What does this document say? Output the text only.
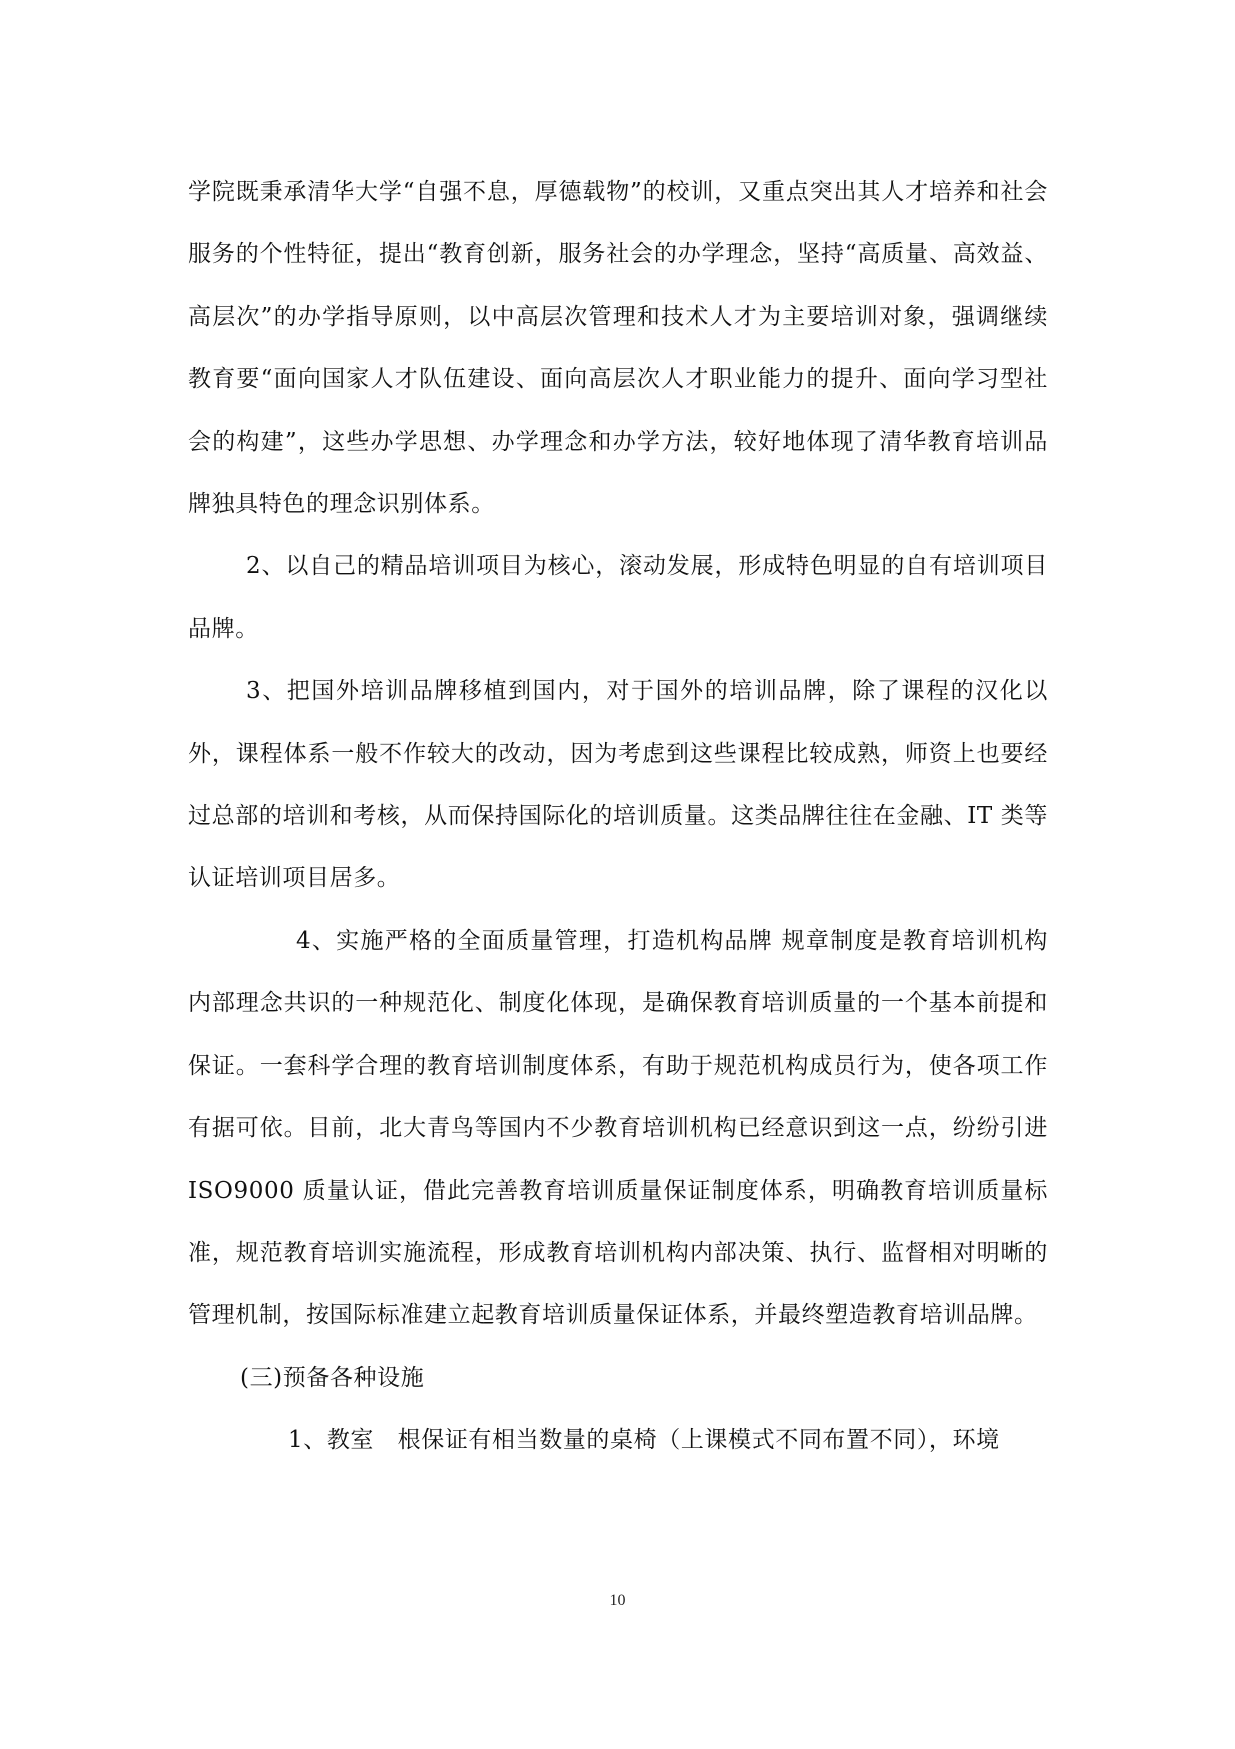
学院既秉承清华大学“自强不息，厚德载物”的校训，又重点突出其人才培养和社会服务的个性特征，提出“教育创新，服务社会的办学理念，坚持“高质量、高效益、高层次”的办学指导原则，以中高层次管理和技术人才为主要培训对象，强调继续教育要“面向国家人才队伍建设、面向高层次人才职业能力的提升、面向学习型社会的构建”，这些办学思想、办学理念和办学方法，较好地体现了清华教育培训品牌独具特色的理念识别体系。

2、以自己的精品培训项目为核心，滚动发展，形成特色明显的自有培训项目品牌。

3、把国外培训品牌移植到国内，对于国外的培训品牌，除了课程的汉化以外，课程体系一般不作较大的改动，因为考虑到这些课程比较成熟，师资上也要经过总部的培训和考核，从而保持国际化的培训质量。这类品牌往往在金融、IT 类等认证培训项目居多。

4、实施严格的全面质量管理，打造机构品牌 规章制度是教育培训机构内部理念共识的一种规范化、制度化体现，是确保教育培训质量的一个基本前提和保证。一套科学合理的教育培训制度体系，有助于规范机构成员行为，使各项工作有据可依。目前，北大青鸟等国内不少教育培训机构已经意识到这一点，纷纷引进 ISO9000 质量认证，借此完善教育培训质量保证制度体系，明确教育培训质量标准，规范教育培训实施流程，形成教育培训机构内部决策、执行、监督相对明晰的管理机制，按国际标准建立起教育培训质量保证体系，并最终塑造教育培训品牌。

(三)预备各种设施

1、教室　根保证有相当数量的桌椅（上课模式不同布置不同），环境

10
